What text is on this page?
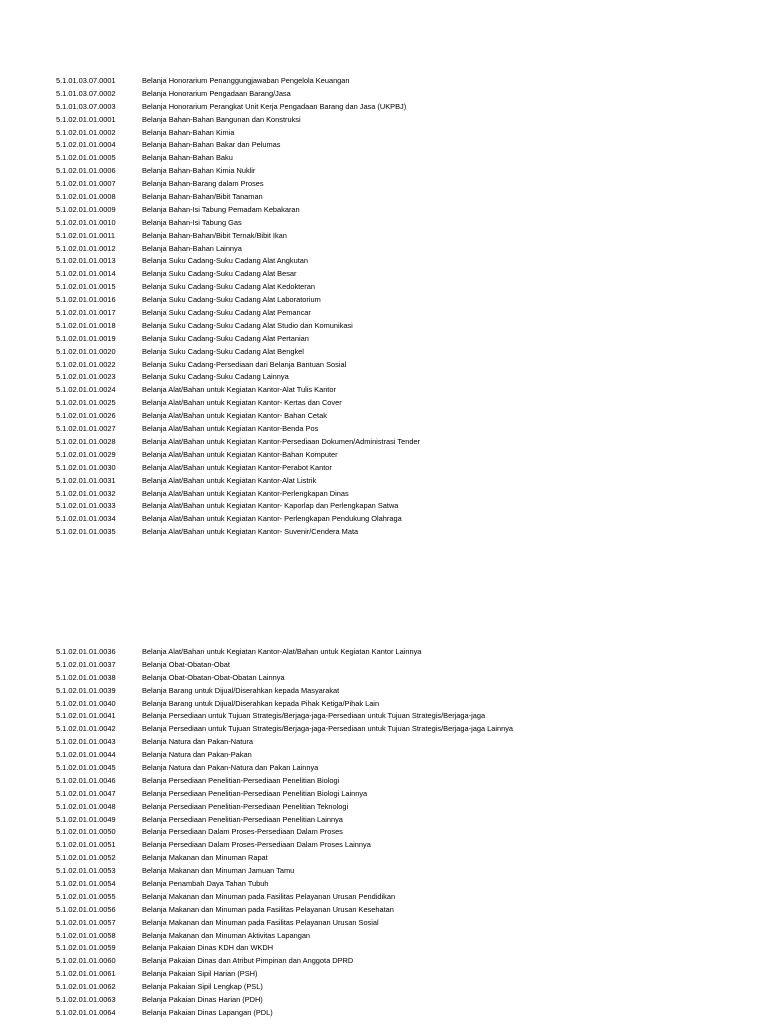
5.1.01.03.07.0001	Belanja Honorarium Penanggungjawaban Pengelola Keuangan
5.1.01.03.07.0002	Belanja Honorarium Pengadaan Barang/Jasa
5.1.01.03.07.0003	Belanja Honorarium Perangkat Unit Kerja Pengadaan Barang dan Jasa (UKPBJ)
5.1.02.01.01.0001	Belanja Bahan-Bahan Bangunan dan Konstruksi
5.1.02.01.01.0002	Belanja Bahan-Bahan Kimia
5.1.02.01.01.0004	Belanja Bahan-Bahan Bakar dan Pelumas
5.1.02.01.01.0005	Belanja Bahan-Bahan Baku
5.1.02.01.01.0006	Belanja Bahan-Bahan Kimia Nuklir
5.1.02.01.01.0007	Belanja Bahan-Barang dalam Proses
5.1.02.01.01.0008	Belanja Bahan-Bahan/Bibit Tanaman
5.1.02.01.01.0009	Belanja Bahan-Isi Tabung Pemadam Kebakaran
5.1.02.01.01.0010	Belanja Bahan-Isi Tabung Gas
5.1.02.01.01.0011	Belanja Bahan-Bahan/Bibit Ternak/Bibit Ikan
5.1.02.01.01.0012	Belanja Bahan-Bahan Lainnya
5.1.02.01.01.0013	Belanja Suku Cadang-Suku Cadang Alat Angkutan
5.1.02.01.01.0014	Belanja Suku Cadang-Suku Cadang Alat Besar
5.1.02.01.01.0015	Belanja Suku Cadang-Suku Cadang Alat Kedokteran
5.1.02.01.01.0016	Belanja Suku Cadang-Suku Cadang Alat Laboratorium
5.1.02.01.01.0017	Belanja Suku Cadang-Suku Cadang Alat Pemancar
5.1.02.01.01.0018	Belanja Suku Cadang-Suku Cadang Alat Studio dan Komunikasi
5.1.02.01.01.0019	Belanja Suku Cadang-Suku Cadang Alat Pertanian
5.1.02.01.01.0020	Belanja Suku Cadang-Suku Cadang Alat Bengkel
5.1.02.01.01.0022	Belanja Suku Cadang-Persediaan dari Belanja Bantuan Sosial
5.1.02.01.01.0023	Belanja Suku Cadang-Suku Cadang Lainnya
5.1.02.01.01.0024	Belanja Alat/Bahan untuk Kegiatan Kantor-Alat Tulis Kantor
5.1.02.01.01.0025	Belanja Alat/Bahan untuk Kegiatan Kantor- Kertas dan Cover
5.1.02.01.01.0026	Belanja Alat/Bahan untuk Kegiatan Kantor- Bahan Cetak
5.1.02.01.01.0027	Belanja Alat/Bahan untuk Kegiatan Kantor-Benda Pos
5.1.02.01.01.0028	Belanja Alat/Bahan untuk Kegiatan Kantor-Persediaan Dokumen/Administrasi Tender
5.1.02.01.01.0029	Belanja Alat/Bahan untuk Kegiatan Kantor-Bahan Komputer
5.1.02.01.01.0030	Belanja Alat/Bahan untuk Kegiatan Kantor-Perabot Kantor
5.1.02.01.01.0031	Belanja Alat/Bahan untuk Kegiatan Kantor-Alat Listrik
5.1.02.01.01.0032	Belanja Alat/Bahan untuk Kegiatan Kantor-Perlengkapan Dinas
5.1.02.01.01.0033	Belanja Alat/Bahan untuk Kegiatan Kantor- Kaporlap dan Perlengkapan Satwa
5.1.02.01.01.0034	Belanja Alat/Bahan untuk Kegiatan Kantor- Perlengkapan Pendukung Olahraga
5.1.02.01.01.0035	Belanja Alat/Bahan untuk Kegiatan Kantor- Suvenir/Cendera Mata
5.1.02.01.01.0036	Belanja Alat/Bahan untuk Kegiatan Kantor-Alat/Bahan untuk Kegiatan Kantor Lainnya
5.1.02.01.01.0037	Belanja Obat-Obatan-Obat
5.1.02.01.01.0038	Belanja Obat-Obatan-Obat-Obatan Lainnya
5.1.02.01.01.0039	Belanja Barang untuk Dijual/Diserahkan kepada Masyarakat
5.1.02.01.01.0040	Belanja Barang untuk Dijual/Diserahkan kepada Pihak Ketiga/Pihak Lain
5.1.02.01.01.0041	Belanja Persediaan untuk Tujuan Strategis/Berjaga-jaga-Persediaan untuk Tujuan Strategis/Berjaga-jaga
5.1.02.01.01.0042	Belanja Persediaan untuk Tujuan Strategis/Berjaga-jaga-Persediaan untuk Tujuan Strategis/Berjaga-jaga Lainnya
5.1.02.01.01.0043	Belanja Natura dan Pakan-Natura
5.1.02.01.01.0044	Belanja Natura dan Pakan-Pakan
5.1.02.01.01.0045	Belanja Natura dan Pakan-Natura dan Pakan Lainnya
5.1.02.01.01.0046	Belanja Persediaan Penelitian-Persediaan Penelitian Biologi
5.1.02.01.01.0047	Belanja Persediaan Penelitian-Persediaan Penelitian Biologi Lainnya
5.1.02.01.01.0048	Belanja Persediaan Penelitian-Persediaan Penelitian Teknologi
5.1.02.01.01.0049	Belanja Persediaan Penelitian-Persediaan Penelitian Lainnya
5.1.02.01.01.0050	Belanja Persediaan Dalam Proses-Persediaan Dalam Proses
5.1.02.01.01.0051	Belanja Persediaan Dalam Proses-Persediaan Dalam Proses Lainnya
5.1.02.01.01.0052	Belanja Makanan dan Minuman Rapat
5.1.02.01.01.0053	Belanja Makanan dan Minuman Jamuan Tamu
5.1.02.01.01.0054	Belanja Penambah Daya Tahan Tubuh
5.1.02.01.01.0055	Belanja Makanan dan Minuman pada Fasilitas Pelayanan Urusan Pendidikan
5.1.02.01.01.0056	Belanja Makanan dan Minuman pada Fasilitas Pelayanan Urusan Kesehatan
5.1.02.01.01.0057	Belanja Makanan dan Minuman pada Fasilitas Pelayanan Urusan Sosial
5.1.02.01.01.0058	Belanja Makanan dan Minuman Aktivitas Lapangan
5.1.02.01.01.0059	Belanja Pakaian Dinas KDH dan WKDH
5.1.02.01.01.0060	Belanja Pakaian Dinas dan Atribut Pimpinan dan Anggota DPRD
5.1.02.01.01.0061	Belanja Pakaian Sipil Harian (PSH)
5.1.02.01.01.0062	Belanja Pakaian Sipil Lengkap (PSL)
5.1.02.01.01.0063	Belanja Pakaian Dinas Harian (PDH)
5.1.02.01.01.0064	Belanja Pakaian Dinas Lapangan (PDL)
